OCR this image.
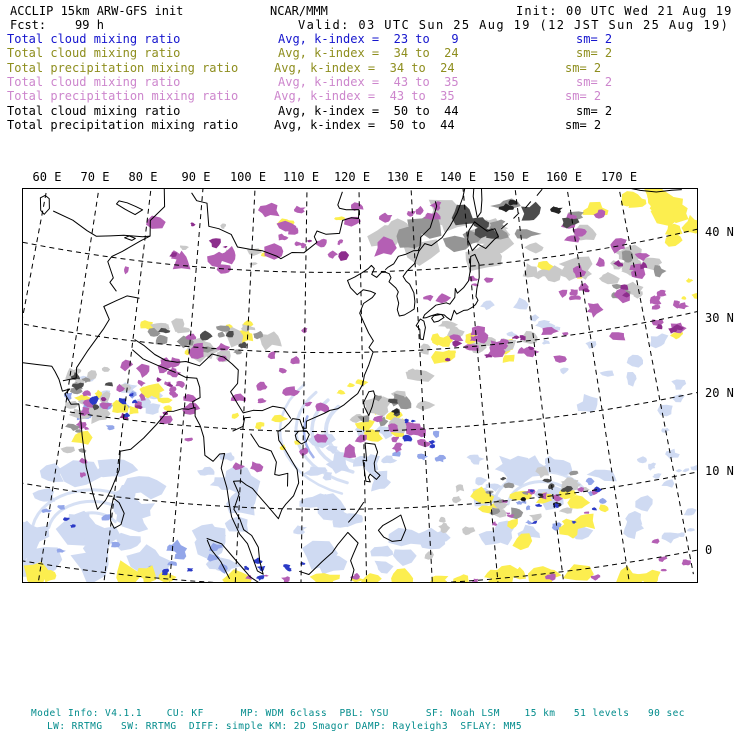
ACCLIP 15km ARW-GFS init	NCAR/MMM	Init: 00 UTC Wed 21 Aug 19
Fcst:    99 h	Valid: 03 UTC Sun 25 Aug 19 (12 JST Sun 25 Aug 19)
Total cloud mixing ratio	Avg, k-index =  23 to   9	sm= 2
Total cloud mixing ratio	Avg, k-index =  34 to  24	sm= 2
Total precipitation mixing ratio	Avg, k-index =  34 to  24	sm= 2
Total cloud mixing ratio	Avg, k-index =  43 to  35	sm= 2
Total precipitation mixing ratio	Avg, k-index =  43 to  35	sm= 2
Total cloud mixing ratio	Avg, k-index =  50 to  44	sm= 2
Total precipitation mixing ratio	Avg, k-index =  50 to  44	sm= 2
60 E 70 E 80 E 90 E 100 E 110 E 120 E 130 E 140 E 150 E 160 E 170 E
40 N
30 N
20 N
10 N
0
Model Info: V4.1.1    CU: KF      MP: WDM 6class  PBL: YSU      SF: Noah LSM    15 km   51 levels   90 sec
LW: RRTMG   SW: RRTMG  DIFF: simple KM: 2D Smagor DAMP: Rayleigh3  SFLAY: MM5
